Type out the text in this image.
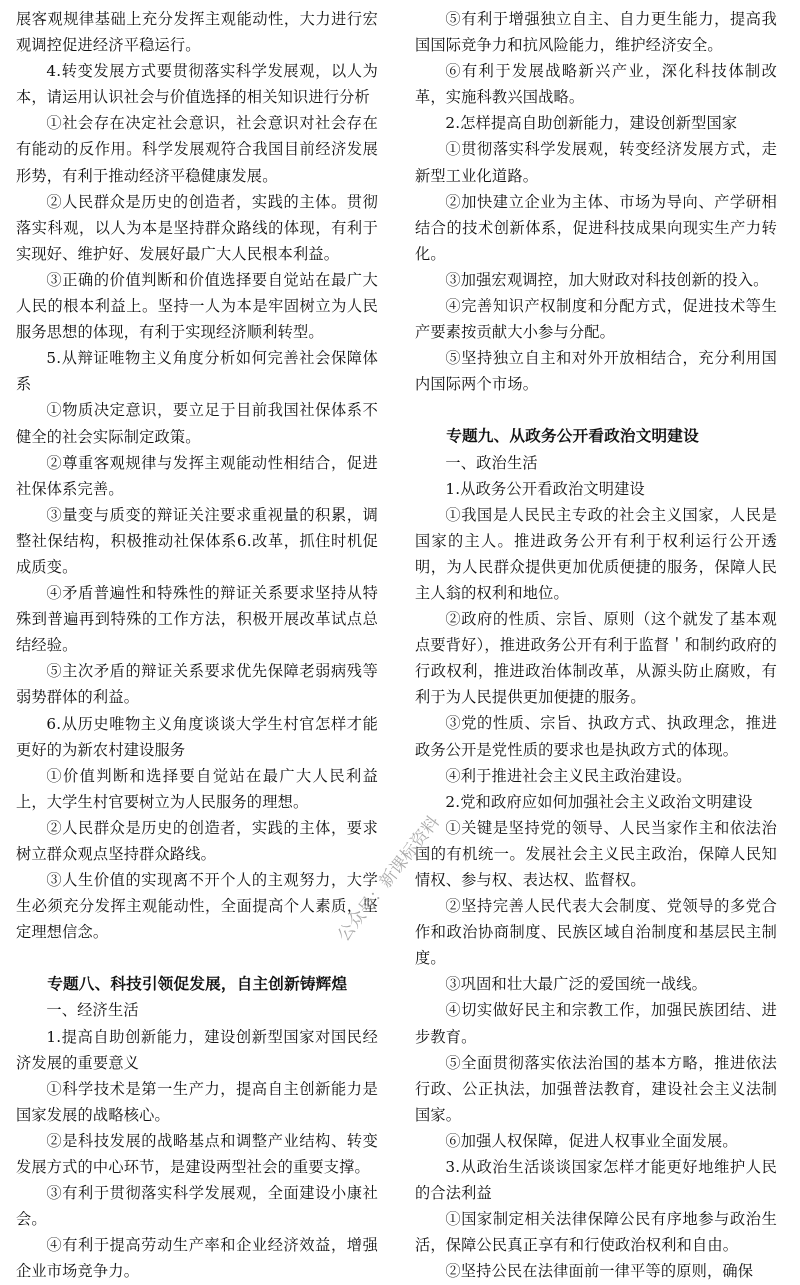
展客观规律基础上充分发挥主观能动性，大力进行宏观调控促进经济平稳运行。

4.转变发展方式要贯彻落实科学发展观，以人为本，请运用认识社会与价值选择的相关知识进行分析

①社会存在决定社会意识，社会意识对社会存在有能动的反作用。科学发展观符合我国目前经济发展形势，有利于推动经济平稳健康发展。

②人民群众是历史的创造者，实践的主体。贯彻落实科观，以人为本是坚持群众路线的体现，有利于实现好、维护好、发展好最广大人民根本利益。

③正确的价值判断和价值选择要自觉站在最广大人民的根本利益上。坚持一人为本是牢固树立为人民服务思想的体现，有利于实现经济顺利转型。

5.从辩证唯物主义角度分析如何完善社会保障体系

①物质决定意识，要立足于目前我国社保体系不健全的社会实际制定政策。

②尊重客观规律与发挥主观能动性相结合，促进社保体系完善。

③量变与质变的辩证关注要求重视量的积累，调整社保结构，积极推动社保体系6.改革，抓住时机促成质变。

④矛盾普遍性和特殊性的辩证关系要求坚持从特殊到普遍再到特殊的工作方法，积极开展改革试点总结经验。

⑤主次矛盾的辩证关系要求优先保障老弱病残等弱势群体的利益。

6.从历史唯物主义角度谈谈大学生村官怎样才能更好的为新农村建设服务

①价值判断和选择要自觉站在最广大人民利益上，大学生村官要树立为人民服务的理想。

②人民群众是历史的创造者，实践的主体，要求树立群众观点坚持群众路线。

③人生价值的实现离不开个人的主观努力，大学生必须充分发挥主观能动性，全面提高个人素质，坚定理想信念。

专题八、科技引领促发展，自主创新铸辉煌

一、经济生活

1.提高自助创新能力，建设创新型国家对国民经济发展的重要意义

①科学技术是第一生产力，提高自主创新能力是国家发展的战略核心。

②是科技发展的战略基点和调整产业结构、转变发展方式的中心环节，是建设两型社会的重要支撑。

③有利于贯彻落实科学发展观，全面建设小康社会。

④有利于提高劳动生产率和企业经济效益，增强企业市场竞争力。

⑤有利于增强独立自主、自力更生能力，提高我国国际竞争力和抗风险能力，维护经济安全。

⑥有利于发展战略新兴产业，深化科技体制改革，实施科教兴国战略。

2.怎样提高自助创新能力，建设创新型国家

①贯彻落实科学发展观，转变经济发展方式，走新型工业化道路。

②加快建立企业为主体、市场为导向、产学研相结合的技术创新体系，促进科技成果向现实生产力转化。

③加强宏观调控，加大财政对科技创新的投入。

④完善知识产权制度和分配方式，促进技术等生产要素按贡献大小参与分配。

⑤坚持独立自主和对外开放相结合，充分利用国内国际两个市场。

专题九、从政务公开看政治文明建设

一、政治生活

1.从政务公开看政治文明建设

①我国是人民民主专政的社会主义国家，人民是国家的主人。推进政务公开有利于权利运行公开透明，为人民群众提供更加优质便捷的服务，保障人民主人翁的权利和地位。

②政府的性质、宗旨、原则（这个就发了基本观点要背好），推进政务公开有利于监督＇和制约政府的行政权利，推进政治体制改革，从源头防止腐败，有利于为人民提供更加便捷的服务。

③党的性质、宗旨、执政方式、执政理念，推进政务公开是党性质的要求也是执政方式的体现。

④利于推进社会主义民主政治建设。

2.党和政府应如何加强社会主义政治文明建设

①关键是坚持党的领导、人民当家作主和依法治国的有机统一。发展社会主义民主政治，保障人民知情权、参与权、表达权、监督权。

②坚持完善人民代表大会制度、党领导的多党合作和政治协商制度、民族区域自治制度和基层民主制度。

③巩固和壮大最广泛的爱国统一战线。

④切实做好民主和宗教工作，加强民族团结、进步教育。

⑤全面贯彻落实依法治国的基本方略，推进依法行政、公正执法，加强普法教育，建设社会主义法制国家。

⑥加强人权保障，促进人权事业全面发展。

3.从政治生活谈谈国家怎样才能更好地维护人民的合法利益

①国家制定相关法律保障公民有序地参与政治生活，保障公民真正享有和行使政治权利和自由。

②坚持公民在法律面前一律平等的原则，确保

公众号：新课标资料
